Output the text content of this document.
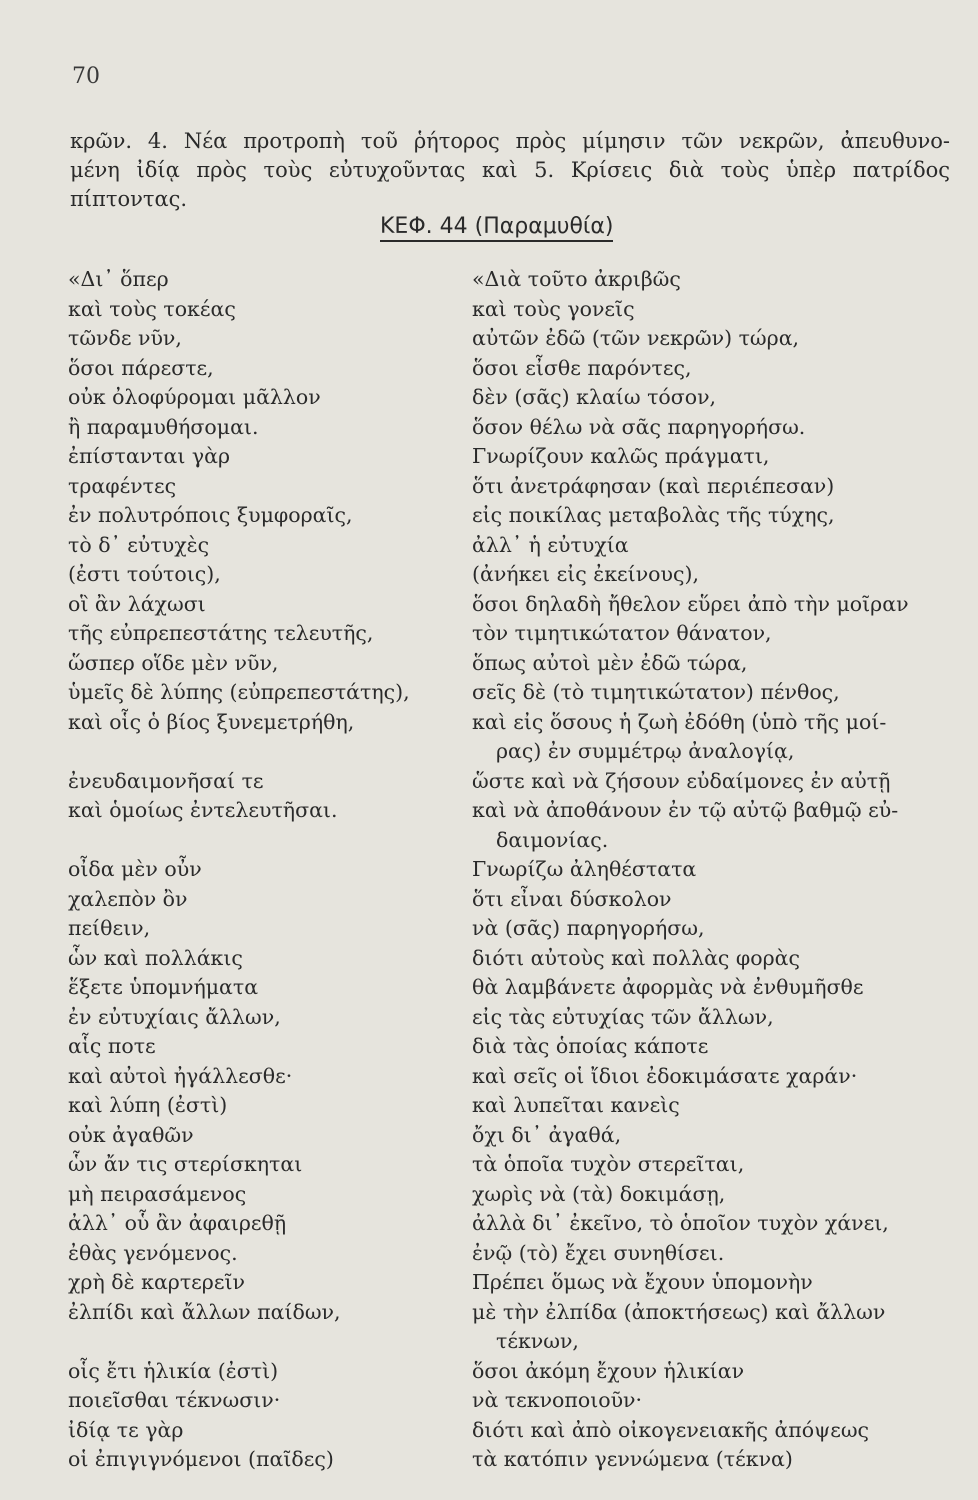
70
κρῶν. 4. Νέα προτροπὴ τοῦ ῥήτορος πρὸς μίμησιν τῶν νεκρῶν, ἀπευθυνο-
μένη ἰδίᾳ πρὸς τοὺς εὐτυχοῦντας καὶ 5. Κρίσεις διὰ τοὺς ὑπὲρ πατρίδος
πίπτοντας.
ΚΕΦ. 44 (Παραμυθία)
«Δι᾽ ὅπερ
καὶ τοὺς τοκέας
τῶνδε νῦν,
ὅσοι πάρεστε,
οὐκ ὀλοφύρομαι μᾶλλον
ἢ παραμυθήσομαι.
ἐπίστανται γὰρ
τραφέντες
ἐν πολυτρόποις ξυμφοραῖς,
τὸ δ᾽ εὐτυχὲς
(ἐστι τούτοις),
οἳ ἂν λάχωσι
τῆς εὐπρεπεστάτης τελευτῆς,
ὥσπερ οἵδε μὲν νῦν,
ὑμεῖς δὲ λύπης (εὐπρεπεστάτης),
καὶ οἷς ὁ βίος ξυνεμετρήθη,
ἐνευδαιμονῆσαί τε
καὶ ὁμοίως ἐντελευτῆσαι.
οἶδα μὲν οὖν
χαλεπὸν ὂν
πείθειν,
ὧν καὶ πολλάκις
ἕξετε ὑπομνήματα
ἐν εὐτυχίαις ἄλλων,
αἷς ποτε
καὶ αὐτοὶ ἠγάλλεσθε·
καὶ λύπη (ἐστὶ)
οὐκ ἀγαθῶν
ὧν ἄν τις στερίσκηται
μὴ πειρασάμενος
ἀλλ᾽ οὗ ἂν ἀφαιρεθῇ
ἐθὰς γενόμενος.
χρὴ δὲ καρτερεῖν
ἐλπίδι καὶ ἄλλων παίδων,
οἷς ἔτι ἡλικία (ἐστὶ)
ποιεῖσθαι τέκνωσιν·
ἰδίᾳ τε γὰρ
οἱ ἐπιγιγνόμενοι (παῖδες)
«Διὰ τοῦτο ἀκριβῶς
καὶ τοὺς γονεῖς
αὐτῶν ἐδῶ (τῶν νεκρῶν) τώρα,
ὅσοι εἶσθε παρόντες,
δὲν (σᾶς) κλαίω τόσον,
ὅσον θέλω νὰ σᾶς παρηγορήσω.
Γνωρίζουν καλῶς πράγματι,
ὅτι ἀνετράφησαν (καὶ περιέπεσαν)
εἰς ποικίλας μεταβολὰς τῆς τύχης,
ἀλλ᾽ ἡ εὐτυχία
(ἀνήκει εἰς ἐκείνους),
ὅσοι δηλαδὴ ἤθελον εὕρει ἀπὸ τὴν μοῖραν
τὸν τιμητικώτατον θάνατον,
ὅπως αὐτοὶ μὲν ἐδῶ τώρα,
σεῖς δὲ (τὸ τιμητικώτατον) πένθος,
καὶ εἰς ὅσους ἡ ζωὴ ἐδόθη (ὑπὸ τῆς μοί-
ρας) ἐν συμμέτρῳ ἀναλογίᾳ,
ὥστε καὶ νὰ ζήσουν εὐδαίμονες ἐν αὐτῇ
καὶ νὰ ἀποθάνουν ἐν τῷ αὐτῷ βαθμῷ εὐ-
δαιμονίας.
Γνωρίζω ἀληθέστατα
ὅτι εἶναι δύσκολον
νὰ (σᾶς) παρηγορήσω,
διότι αὐτοὺς καὶ πολλὰς φορὰς
θὰ λαμβάνετε ἀφορμὰς νὰ ἐνθυμῆσθε
εἰς τὰς εὐτυχίας τῶν ἄλλων,
διὰ τὰς ὁποίας κάποτε
καὶ σεῖς οἱ ἴδιοι ἐδοκιμάσατε χαράν·
καὶ λυπεῖται κανεὶς
ὄχι δι᾽ ἀγαθά,
τὰ ὁποῖα τυχὸν στερεῖται,
χωρὶς νὰ (τὰ) δοκιμάσῃ,
ἀλλὰ δι᾽ ἐκεῖνο, τὸ ὁποῖον τυχὸν χάνει,
ἐνῷ (τὸ) ἔχει συνηθίσει.
Πρέπει ὅμως νὰ ἔχουν ὑπομονὴν
μὲ τὴν ἐλπίδα (ἀποκτήσεως) καὶ ἄλλων
τέκνων,
ὅσοι ἀκόμη ἔχουν ἡλικίαν
νὰ τεκνοποιοῦν·
διότι καὶ ἀπὸ οἰκογενειακῆς ἀπόψεως
τὰ κατόπιν γεννώμενα (τέκνα)
